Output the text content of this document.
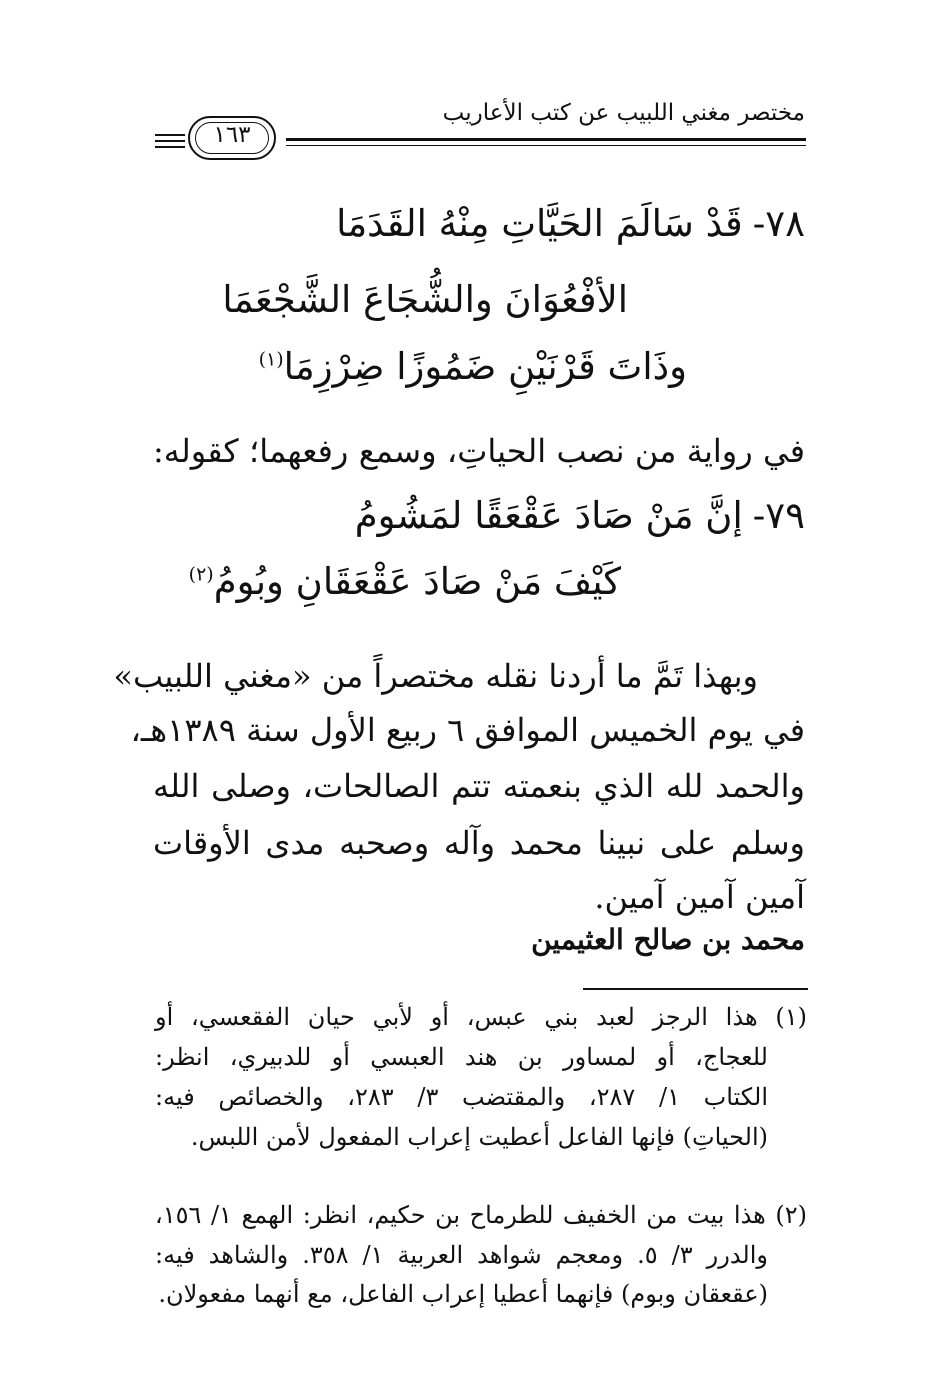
مختصر مغني اللبيب عن كتب الأعاريب
١٦٣
٧٨-قَدْ سَالَمَ الحَيَّاتِ مِنْهُ القَدَمَا
الأفْعُوَانَ والشُّجَاعَ الشَّجْعَمَا
وذَاتَ قَرْنَيْنِ ضَمُوزًا ضِرْزِمَا$^{(١)}$
في رواية من نصب الحياتِ، وسمع رفعهما؛ كقوله:
٧٩-إنَّ مَنْ صَادَ عَقْعَقًا لمَشُومُ
كَيْفَ مَنْ صَادَ عَقْعَقَانِ وبُومُ$^{(٢)}$
وبهذا تَمَّ ما أردنا نقله مختصراً من «مغني اللبيب»
في يوم الخميس الموافق ٦ ربيع الأول سنة ١٣٨٩هـ،
والحمد لله الذي بنعمته تتم الصالحات، وصلى الله
وسلم على نبينا محمد وآله وصحبه مدى الأوقات
آمين آمين آمين.
محمد بن صالح العثيمين
(١) هذا الرجز لعبد بني عبس، أو لأبي حيان الفقعسي، أو
للعجاج، أو لمساور بن هند العبسي أو للدبيري، انظر:
الكتاب ١/ ٢٨٧، والمقتضب ٣/ ٢٨٣، والخصائص فيه:
(الحياتِ) فإنها الفاعل أعطيت إعراب المفعول لأمن اللبس.
(٢) هذا بيت من الخفيف للطرماح بن حكيم، انظر: الهمع ١/ ١٥٦،
والدرر ٣/ ٥. ومعجم شواهد العربية ١/ ٣٥٨. والشاهد فيه:
(عقعقان وبوم) فإنهما أعطيا إعراب الفاعل، مع أنهما مفعولان.
